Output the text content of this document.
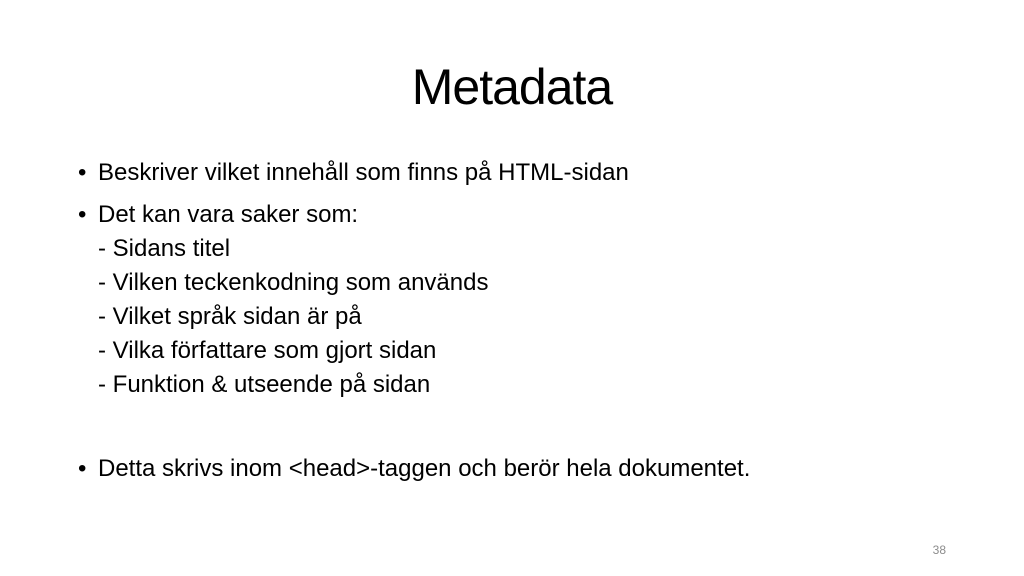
Metadata
• Beskriver vilket innehåll som finns på HTML-sidan
• Det kan vara saker som:
- Sidans titel
- Vilken teckenkodning som används
- Vilket språk sidan är på
- Vilka författare som gjort sidan
- Funktion & utseende på sidan
• Detta skrivs inom <head>-taggen och berör hela dokumentet.
38
